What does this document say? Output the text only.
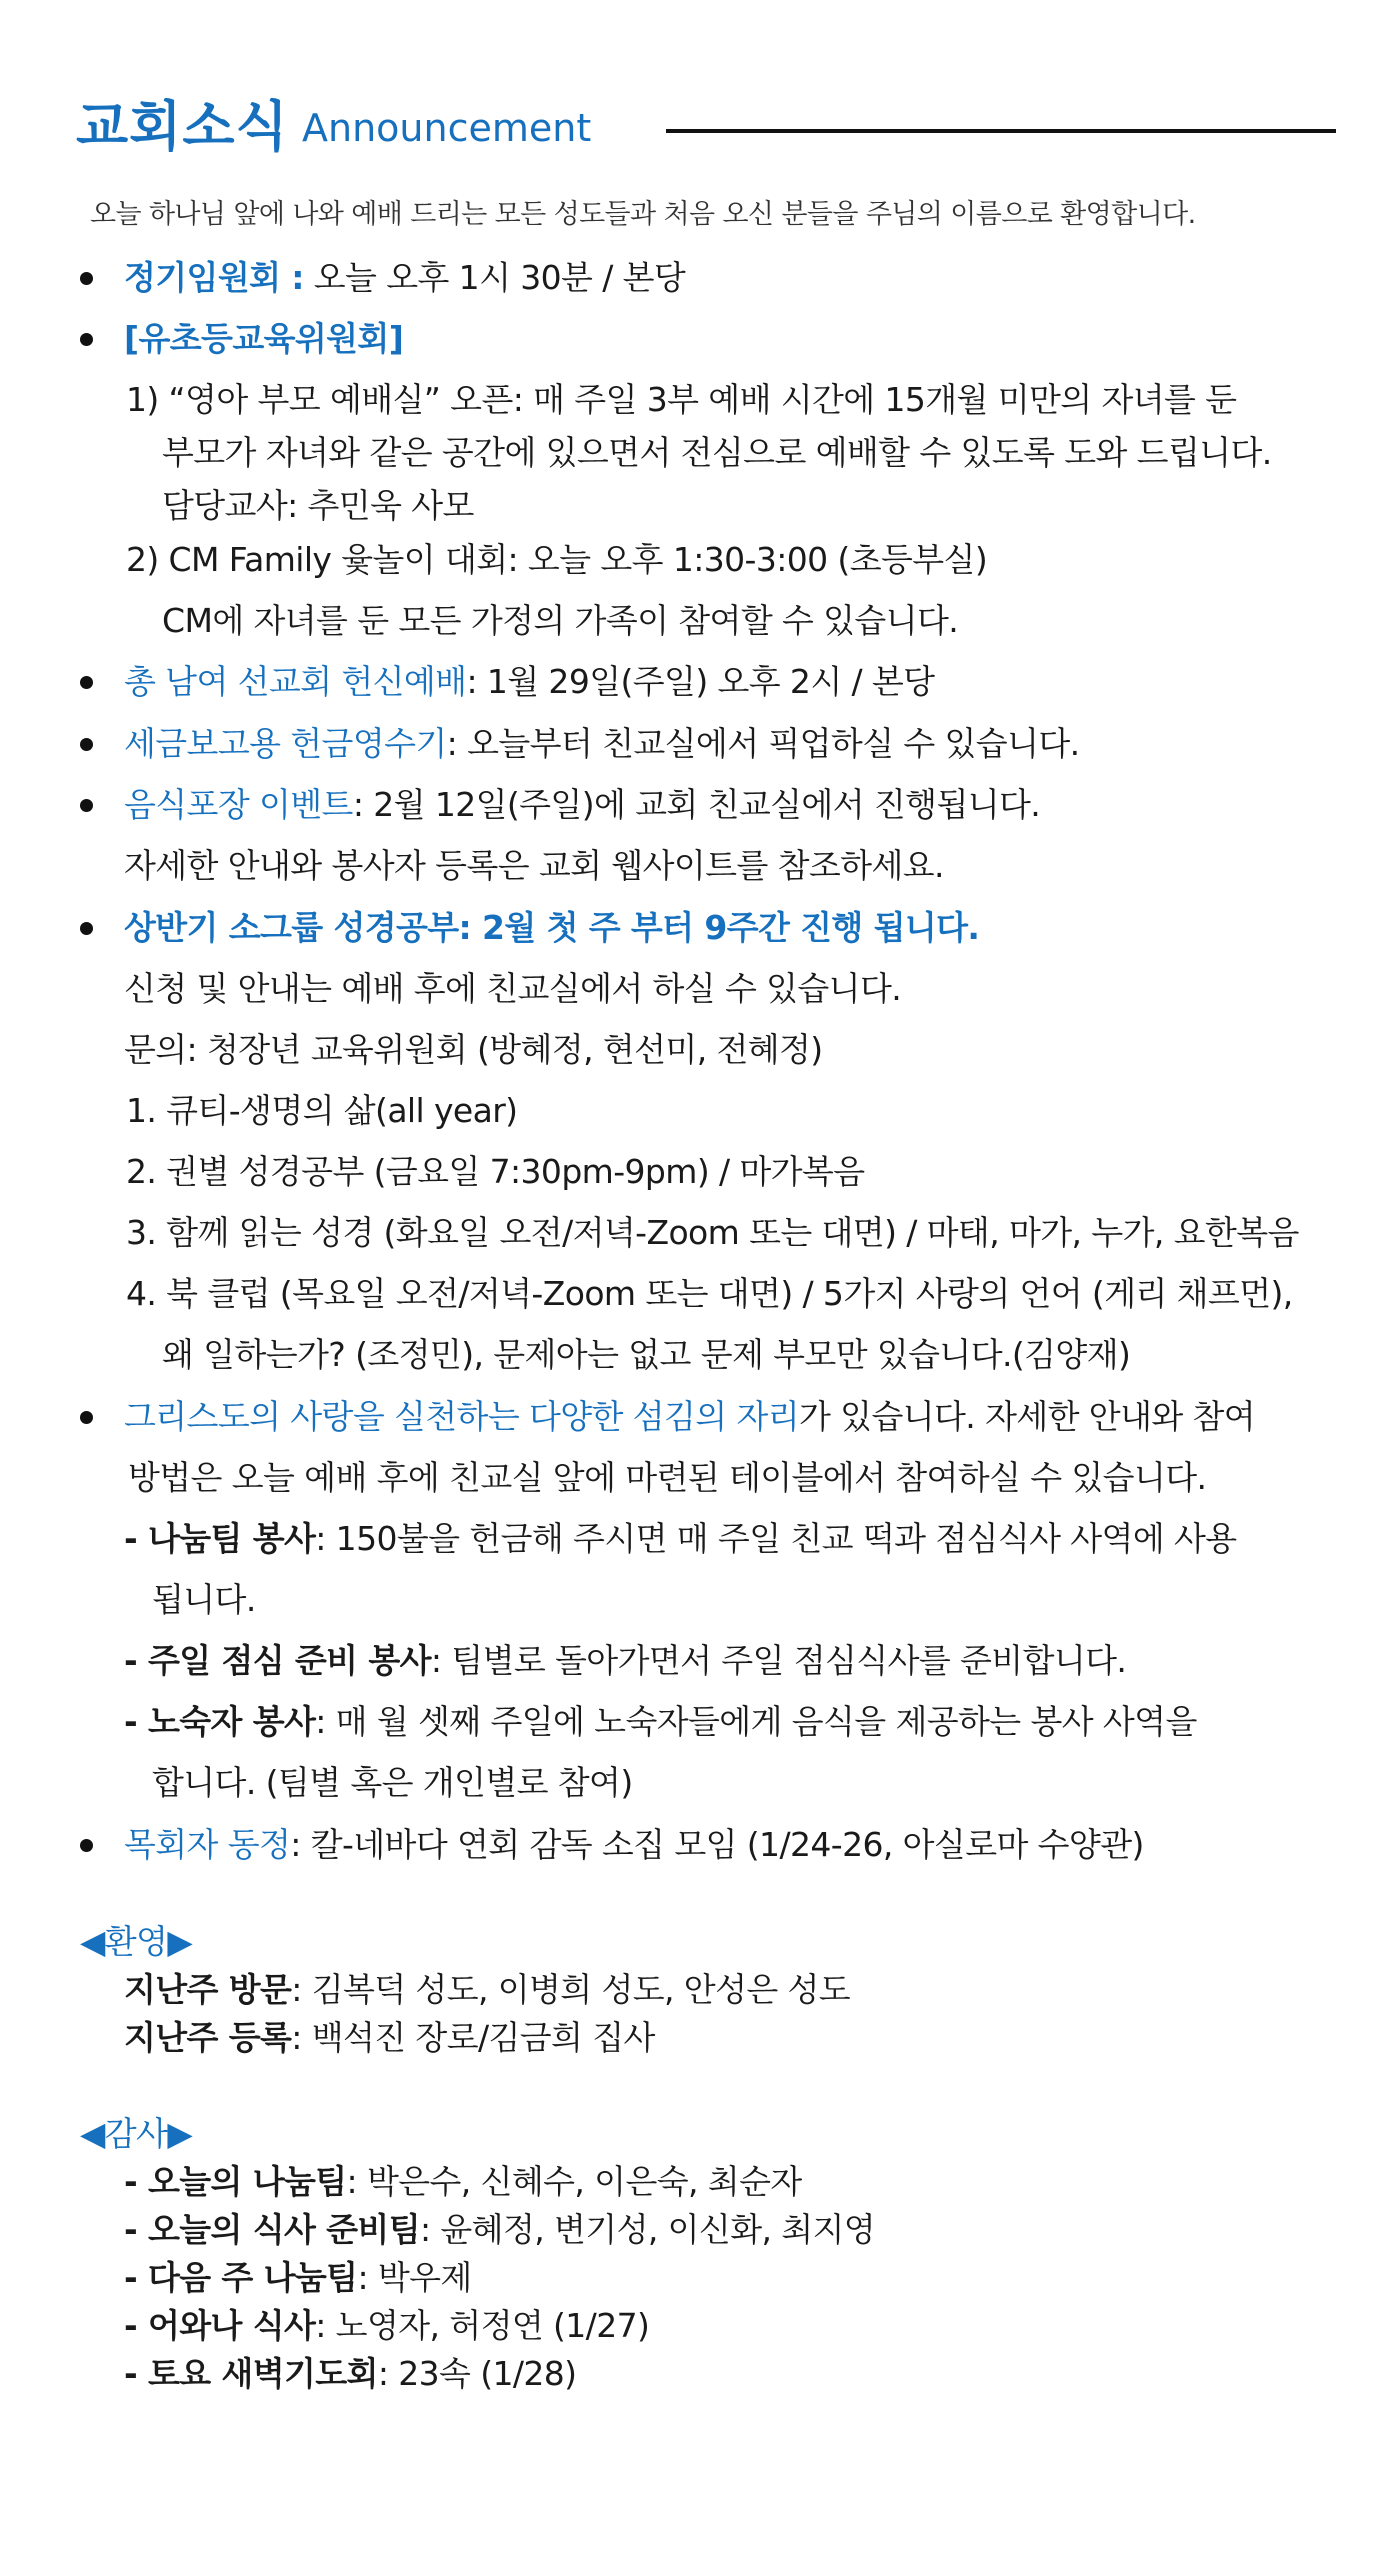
교회소식 Announcement
오늘 하나님 앞에 나와 예배 드리는 모든 성도들과 처음 오신 분들을 주님의 이름으로 환영합니다.
정기임원회 : 오늘 오후 1시 30분 / 본당
[유초등교육위원회]
1) “영아 부모 예배실” 오픈: 매 주일 3부 예배 시간에 15개월 미만의 자녀를 둔
부모가 자녀와 같은 공간에 있으면서 전심으로 예배할 수 있도록 도와 드립니다.
담당교사: 추민욱 사모
2) CM Family 윷놀이 대회: 오늘 오후 1:30-3:00 (초등부실)
CM에 자녀를 둔 모든 가정의 가족이 참여할 수 있습니다.
총 남여 선교회 헌신예배: 1월 29일(주일) 오후 2시 / 본당
세금보고용 헌금영수기: 오늘부터 친교실에서 픽업하실 수 있습니다.
음식포장 이벤트: 2월 12일(주일)에 교회 친교실에서 진행됩니다.
자세한 안내와 봉사자 등록은 교회 웹사이트를 참조하세요.
상반기 소그룹 성경공부: 2월 첫 주 부터 9주간 진행 됩니다.
신청 및 안내는 예배 후에 친교실에서 하실 수 있습니다.
문의: 청장년 교육위원회 (방혜정, 현선미, 전혜정)
1. 큐티-생명의 삶(all year)
2. 권별 성경공부 (금요일 7:30pm-9pm) / 마가복음
3. 함께 읽는 성경 (화요일 오전/저녁-Zoom 또는 대면) / 마태, 마가, 누가, 요한복음
4. 북 클럽 (목요일 오전/저녁-Zoom 또는 대면) / 5가지 사랑의 언어 (게리 채프먼),
왜 일하는가? (조정민), 문제아는 없고 문제 부모만 있습니다.(김양재)
그리스도의 사랑을 실천하는 다양한 섬김의 자리가 있습니다. 자세한 안내와 참여
방법은 오늘 예배 후에 친교실 앞에 마련된 테이블에서 참여하실 수 있습니다.
- 나눔팀 봉사: 150불을 헌금해 주시면 매 주일 친교 떡과 점심식사 사역에 사용
됩니다.
- 주일 점심 준비 봉사: 팀별로 돌아가면서 주일 점심식사를 준비합니다.
- 노숙자 봉사: 매 월 셋째 주일에 노숙자들에게 음식을 제공하는 봉사 사역을
합니다. (팀별 혹은 개인별로 참여)
목회자 동정: 칼-네바다 연회 감독 소집 모임 (1/24-26, 아실로마 수양관)
◀환영▶
지난주 방문: 김복덕 성도, 이병희 성도, 안성은 성도
지난주 등록: 백석진 장로/김금희 집사
◀감사▶
- 오늘의 나눔팀: 박은수, 신혜수, 이은숙, 최순자
- 오늘의 식사 준비팀: 윤혜정, 변기성, 이신화, 최지영
- 다음 주 나눔팀: 박우제
- 어와나 식사: 노영자, 허정연 (1/27)
- 토요 새벽기도회: 23속 (1/28)
